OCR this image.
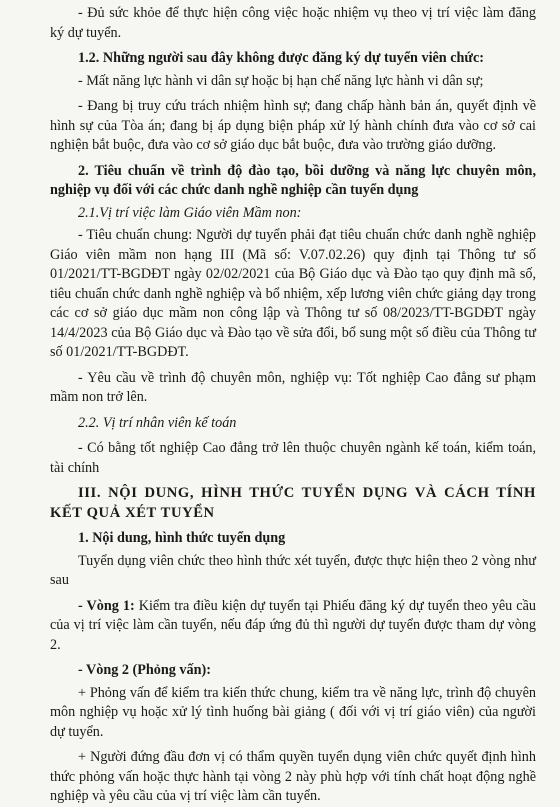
- Đủ sức khỏe để thực hiện công việc hoặc nhiệm vụ theo vị trí việc làm đăng ký dự tuyển.

1.2. Những người sau đây không được đăng ký dự tuyển viên chức:

- Mất năng lực hành vi dân sự hoặc bị hạn chế năng lực hành vi dân sự;

- Đang bị truy cứu trách nhiệm hình sự; đang chấp hành bản án, quyết định về hình sự của Tòa án; đang bị áp dụng biện pháp xử lý hành chính đưa vào cơ sở cai nghiện bắt buộc, đưa vào cơ sở giáo dục bắt buộc, đưa vào trường giáo dưỡng.

2. Tiêu chuẩn về trình độ đào tạo, bồi dưỡng và năng lực chuyên môn, nghiệp vụ đối với các chức danh nghề nghiệp cần tuyển dụng

2.1.Vị trí việc làm Giáo viên Mầm non:

- Tiêu chuẩn chung: Người dự tuyển phải đạt tiêu chuẩn chức danh nghề nghiệp Giáo viên mầm non hạng III (Mã số: V.07.02.26) quy định tại Thông tư số 01/2021/TT-BGDĐT ngày 02/02/2021 của Bộ Giáo dục và Đào tạo quy định mã số, tiêu chuẩn chức danh nghề nghiệp và bổ nhiệm, xếp lương viên chức giảng dạy trong các cơ sở giáo dục mầm non công lập và Thông tư số 08/2023/TT-BGDĐT ngày 14/4/2023 của Bộ Giáo dục và Đào tạo về sửa đổi, bổ sung một số điều của Thông tư số 01/2021/TT-BGDĐT.

- Yêu cầu về trình độ chuyên môn, nghiệp vụ: Tốt nghiệp Cao đẳng sư phạm mầm non trở lên.

2.2. Vị trí nhân viên kế toán

- Có bằng tốt nghiệp Cao đẳng trở lên thuộc chuyên ngành kế toán, kiểm toán, tài chính

III. NỘI DUNG, HÌNH THỨC TUYỂN DỤNG VÀ CÁCH TÍNH KẾT QUẢ XÉT TUYỂN

1. Nội dung, hình thức tuyển dụng

Tuyển dụng viên chức theo hình thức xét tuyển, được thực hiện theo 2 vòng như sau

- Vòng 1: Kiểm tra điều kiện dự tuyển tại Phiếu đăng ký dự tuyển theo yêu cầu của vị trí việc làm cần tuyển, nếu đáp ứng đủ thì người dự tuyển được tham dự vòng 2.

- Vòng 2 (Phỏng vấn):

+ Phỏng vấn để kiểm tra kiến thức chung, kiểm tra về năng lực, trình độ chuyên môn nghiệp vụ hoặc xử lý tình huống bài giảng ( đối với vị trí giáo viên) của người dự tuyển.

+ Người đứng đầu đơn vị có thẩm quyền tuyển dụng viên chức quyết định hình thức phỏng vấn hoặc thực hành tại vòng 2 này phù hợp với tính chất hoạt động nghề nghiệp và yêu cầu của vị trí việc làm cần tuyển.
